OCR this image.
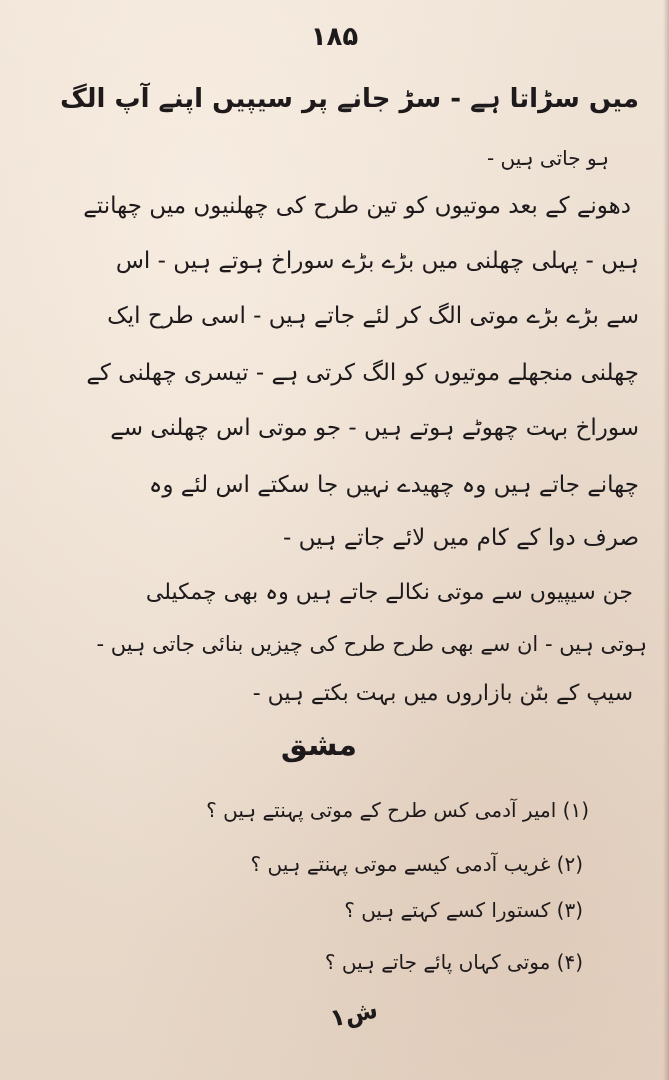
۱۸۵
میں سڑاتا ہے - سڑ جانے پر سیپیں اپنے آپ الگ
ہو جاتی ہیں -
دھونے کے بعد موتیوں کو تین طرح کی چھلنیوں میں چھانتے
ہیں - پہلی چھلنی میں بڑے بڑے سوراخ ہوتے ہیں - اس
سے بڑے بڑے موتی الگ کر لئے جاتے ہیں - اسی طرح ایک
چھلنی منجھلے موتیوں کو الگ کرتی ہے - تیسری چھلنی کے
سوراخ بہت چھوٹے ہوتے ہیں - جو موتی اس چھلنی سے
چھانے جاتے ہیں وہ چھیدے نہیں جا سکتے اس لئے وہ
صرف دوا کے کام میں لائے جاتے ہیں -
جن سیپیوں سے موتی نکالے جاتے ہیں وہ بھی چمکیلی
ہوتی ہیں - ان سے بھی طرح طرح کی چیزیں بنائی جاتی ہیں -
سیپ کے بٹن بازاروں میں بہت بکتے ہیں -
مشق
(۱) امیر آدمی کس طرح کے موتی پہنتے ہیں ؟
(۲) غریب آدمی کیسے موتی پہنتے ہیں ؟
(۳) کستورا کسے کہتے ہیں ؟
(۴) موتی کہاں پائے جاتے ہیں ؟
ش۱
